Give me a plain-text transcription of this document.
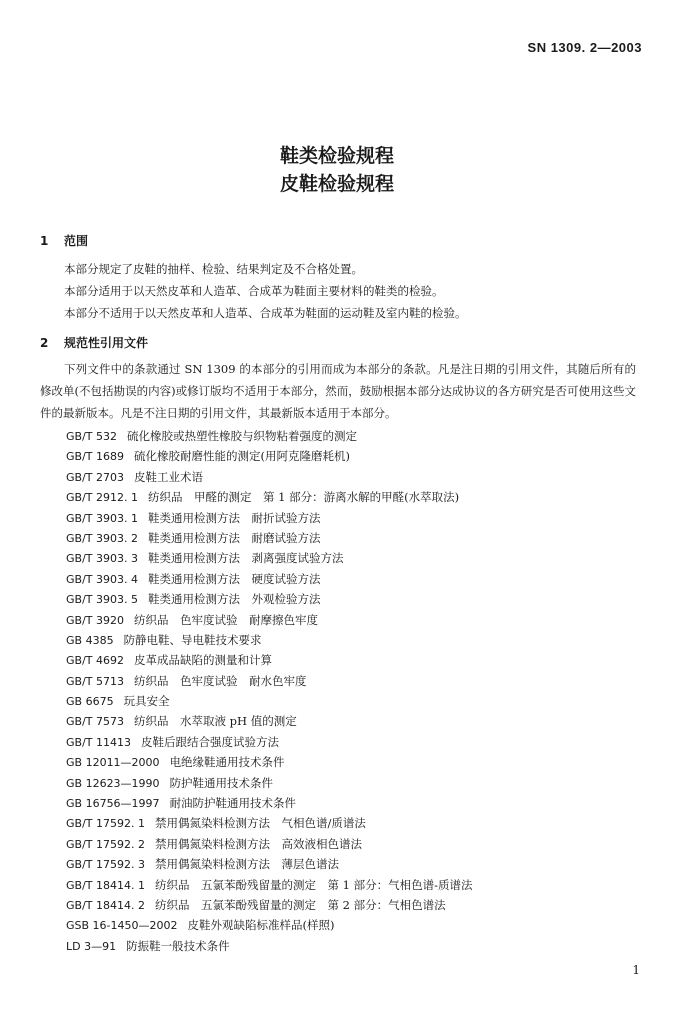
SN 1309. 2—2003
鞋类检验规程
皮鞋检验规程
1 范围

本部分规定了皮鞋的抽样、检验、结果判定及不合格处置。

本部分适用于以天然皮革和人造革、合成革为鞋面主要材料的鞋类的检验。

本部分不适用于以天然皮革和人造革、合成革为鞋面的运动鞋及室内鞋的检验。

2 规范性引用文件

下列文件中的条款通过 SN 1309 的本部分的引用而成为本部分的条款。凡是注日期的引用文件，其随后所有的修改单(不包括勘误的内容)或修订版均不适用于本部分，然而，鼓励根据本部分达成协议的各方研究是否可使用这些文件的最新版本。凡是不注日期的引用文件，其最新版本适用于本部分。

GB/T 532 硫化橡胶或热塑性橡胶与织物粘着强度的测定
GB/T 1689 硫化橡胶耐磨性能的测定(用阿克隆磨耗机)
GB/T 2703 皮鞋工业术语
GB/T 2912. 1 纺织品　甲醛的测定　第 1 部分：游离水解的甲醛(水萃取法)
GB/T 3903. 1 鞋类通用检测方法　耐折试验方法
GB/T 3903. 2 鞋类通用检测方法　耐磨试验方法
GB/T 3903. 3 鞋类通用检测方法　剥离强度试验方法
GB/T 3903. 4 鞋类通用检测方法　硬度试验方法
GB/T 3903. 5 鞋类通用检测方法　外观检验方法
GB/T 3920 纺织品　色牢度试验　耐摩擦色牢度
GB 4385 防静电鞋、导电鞋技术要求
GB/T 4692 皮革成品缺陷的测量和计算
GB/T 5713 纺织品　色牢度试验　耐水色牢度
GB 6675 玩具安全
GB/T 7573 纺织品　水萃取液 pH 值的测定
GB/T 11413 皮鞋后跟结合强度试验方法
GB 12011—2000 电绝缘鞋通用技术条件
GB 12623—1990 防护鞋通用技术条件
GB 16756—1997 耐油防护鞋通用技术条件
GB/T 17592. 1 禁用偶氮染料检测方法　气相色谱/质谱法
GB/T 17592. 2 禁用偶氮染料检测方法　高效液相色谱法
GB/T 17592. 3 禁用偶氮染料检测方法　薄层色谱法
GB/T 18414. 1 纺织品　五氯苯酚残留量的测定　第 1 部分：气相色谱-质谱法
GB/T 18414. 2 纺织品　五氯苯酚残留量的测定　第 2 部分：气相色谱法
GSB 16-1450—2002 皮鞋外观缺陷标准样品(样照)
LD 3—91 防振鞋一般技术条件
1
